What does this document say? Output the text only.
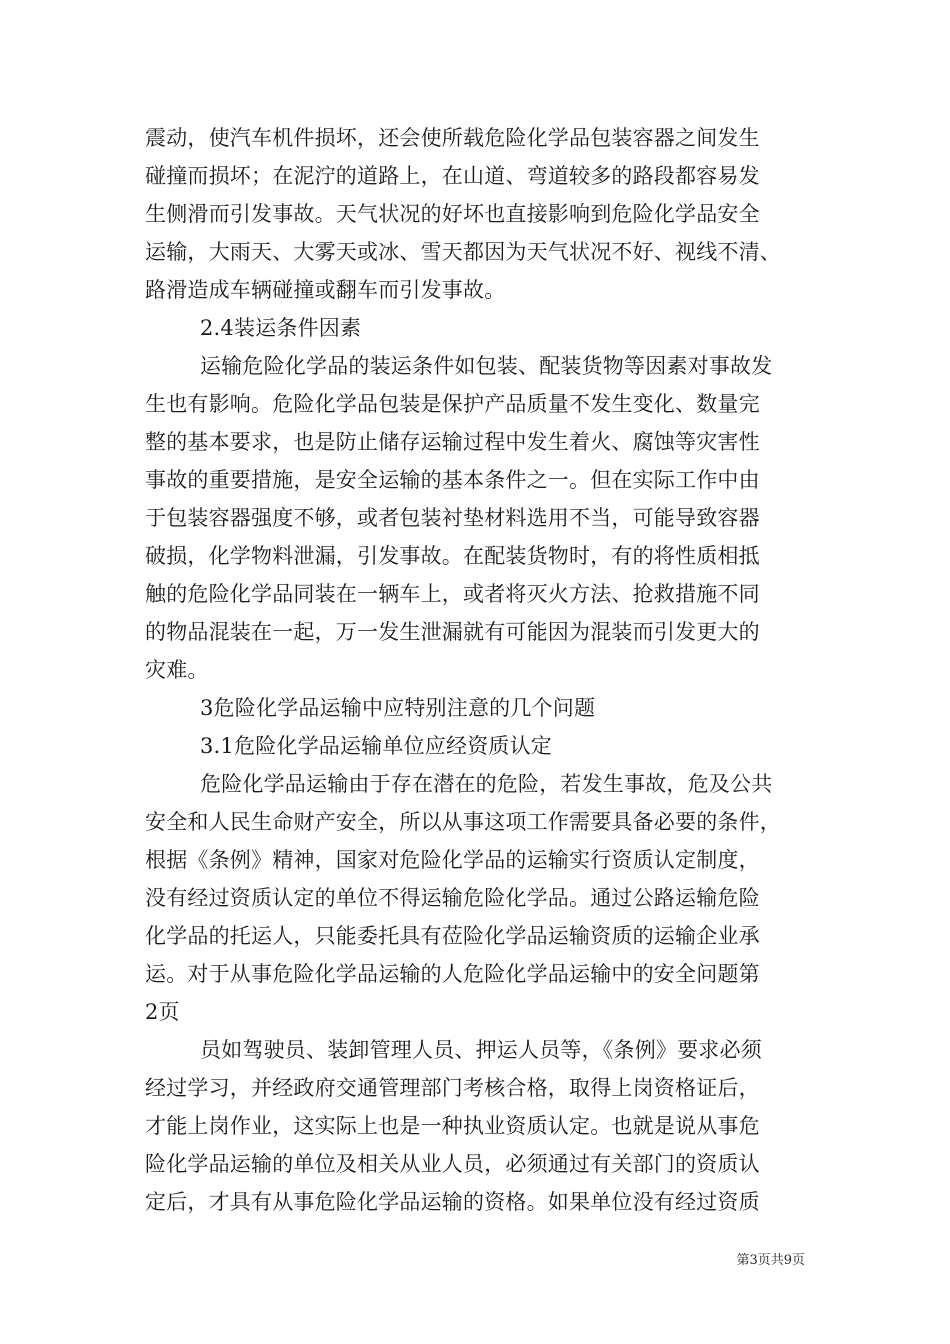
震动，使汽车机件损坏，还会使所载危险化学品包装容器之间发生
碰撞而损坏；在泥泞的道路上，在山道、弯道较多的路段都容易发
生侧滑而引发事故。天气状况的好坏也直接影响到危险化学品安全
运输，大雨天、大雾天或冰、雪天都因为天气状况不好、视线不清、
路滑造成车辆碰撞或翻车而引发事故。
2.4装运条件因素
运输危险化学品的装运条件如包装、配装货物等因素对事故发
生也有影响。危险化学品包装是保护产品质量不发生变化、数量完
整的基本要求，也是防止储存运输过程中发生着火、腐蚀等灾害性
事故的重要措施，是安全运输的基本条件之一。但在实际工作中由
于包装容器强度不够，或者包装衬垫材料选用不当，可能导致容器
破损，化学物料泄漏，引发事故。在配装货物时，有的将性质相抵
触的危险化学品同装在一辆车上，或者将灭火方法、抢救措施不同
的物品混装在一起，万一发生泄漏就有可能因为混装而引发更大的
灾难。
3危险化学品运输中应特别注意的几个问题
3.1危险化学品运输单位应经资质认定
危险化学品运输由于存在潜在的危险，若发生事故，危及公共
安全和人民生命财产安全，所以从事这项工作需要具备必要的条件，
根据《条例》精神，国家对危险化学品的运输实行资质认定制度，
没有经过资质认定的单位不得运输危险化学品。通过公路运输危险
化学品的托运人，只能委托具有莅险化学品运输资质的运输企业承
运。对于从事危险化学品运输的人危险化学品运输中的安全问题第
2页
员如驾驶员、装卸管理人员、押运人员等，《条例》要求必须
经过学习，并经政府交通管理部门考核合格，取得上岗资格证后，
才能上岗作业，这实际上也是一种执业资质认定。也就是说从事危
险化学品运输的单位及相关从业人员，必须通过有关部门的资质认
定后，才具有从事危险化学品运输的资格。如果单位没有经过资质
第3页共9页
